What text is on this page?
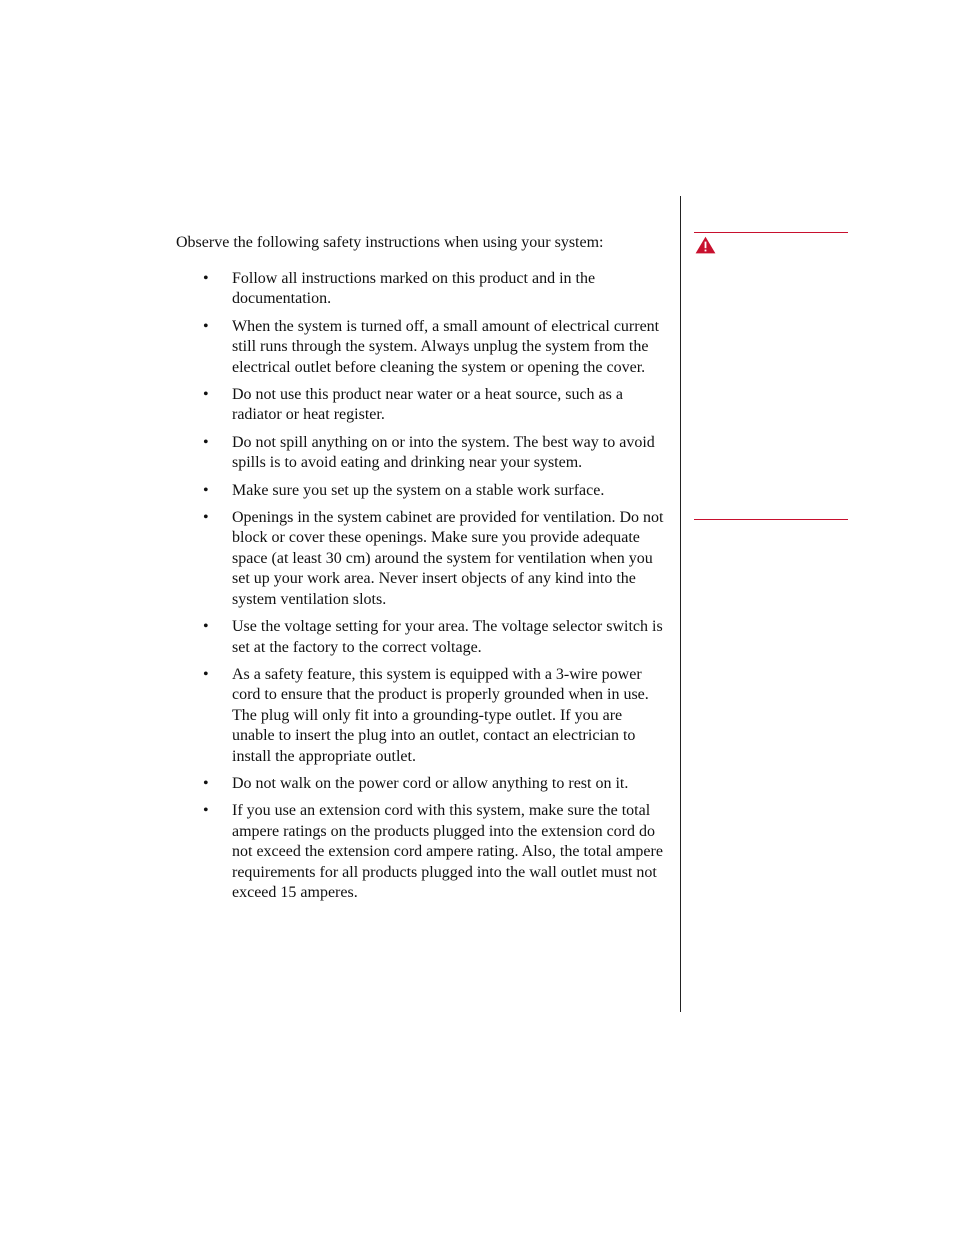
Observe the following safety instructions when using your system:

• Follow all instructions marked on this product and in the documentation.
• When the system is turned off, a small amount of electrical current still runs through the system. Always unplug the system from the electrical outlet before cleaning the system or opening the cover.
• Do not use this product near water or a heat source, such as a radiator or heat register.
• Do not spill anything on or into the system. The best way to avoid spills is to avoid eating and drinking near your system.
• Make sure you set up the system on a stable work surface.
• Openings in the system cabinet are provided for ventilation. Do not block or cover these openings. Make sure you provide adequate space (at least 30 cm) around the system for ventilation when you set up your work area. Never insert objects of any kind into the system ventilation slots.
• Use the voltage setting for your area. The voltage selector switch is set at the factory to the correct voltage.
• As a safety feature, this system is equipped with a 3-wire power cord to ensure that the product is properly grounded when in use. The plug will only fit into a grounding-type outlet. If you are unable to insert the plug into an outlet, contact an electrician to install the appropriate outlet.
• Do not walk on the power cord or allow anything to rest on it.
• If you use an extension cord with this system, make sure the total ampere ratings on the products plugged into the extension cord do not exceed the extension cord ampere rating. Also, the total ampere requirements for all products plugged into the wall outlet must not exceed 15 amperes.
